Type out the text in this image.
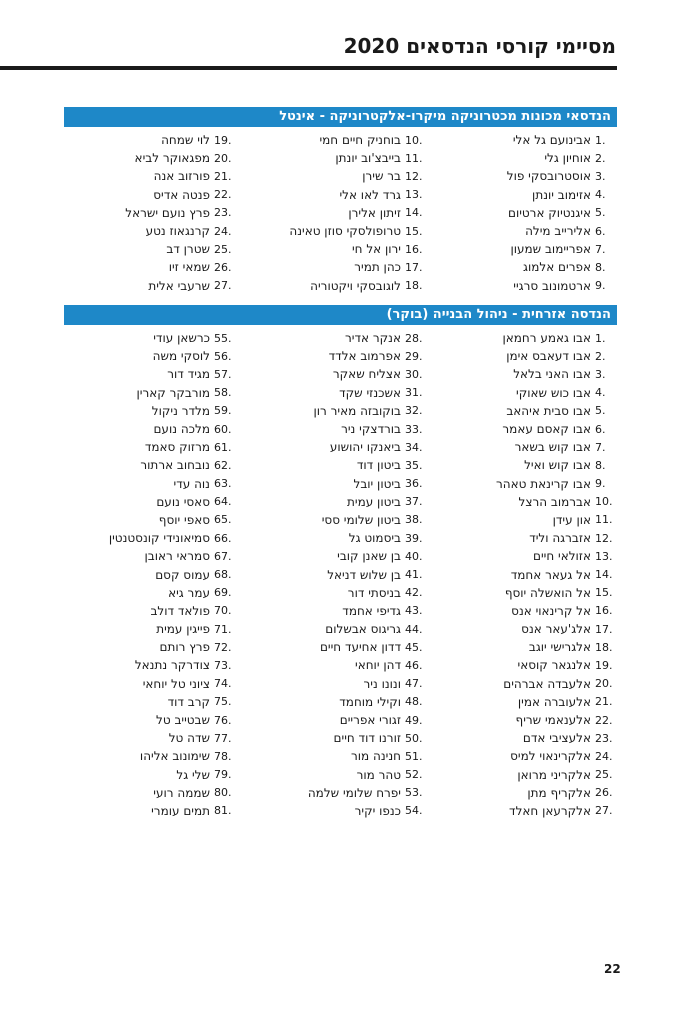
מסיימי קורסי הנדסאים 2020
הנדסאי מכונות מכטרוניקה מיקרו-אלקטרוניקה - אינטל
1.
אבינועם גל אלי
2.
אוחיון גלי
3.
אוסטרובסקי פול
4.
אזימוב יונתן
5.
איגנטיוק ארטיום
6.
אלירייב מילה
7.
אפריימוב שמעון
8.
אפרים אלמוג
9.
ארטמונוב סרגיי
10.
בוחניק חיים חמי
11.
בייבצ'וב יונתן
12.
בר שירן
13.
גרד לאו אלי
14.
זיתון אלירן
15.
טרופולסקי סוזן טאינה
16.
ירון אל חי
17.
כהן תמיר
18.
לוגובסקי ויקטוריה
19.
לוי שמחה
20.
מפגאוקר לביא
21.
פורזוב אנה
22.
פנטה אדיס
23.
פרץ נועם ישראל
24.
קרנגאוז נטע
25.
שטרן דב
26.
שמאי זיו
27.
שרעבי אלית
הנדסה אזרחית - ניהול הבנייה (בוקר)
1.
אבו גאמע רחמאן
2.
אבו דעאבס אימן
3.
אבו האני בלאל
4.
אבו כוש שאוקי
5.
אבו סבית איהאב
6.
אבו קאסם עאמר
7.
אבו קוש בשאר
8.
אבו קוש ואיל
9.
אבו קרינאת טאהר
10.
אברמוב הרצל
11.
און עידן
12.
אזברגה וליד
13.
אזולאי חיים
14.
אל געאר אחמד
15.
אל הואשלה יוסף
16.
אל קרינאוי אנס
17.
אלג'עאר אנס
18.
אלגרישי יוגב
19.
אלנגאר קוסאי
20.
אלעבדה אברהים
21.
אלעוברה אמין
22.
אלענאמי שריף
23.
אלעציבי אדם
24.
אלקרינאוי למיס
25.
אלקריני מרואן
26.
אלקריף מתן
27.
אלקרעאן חאלד
28.
אנקר אדיר
29.
אפרמוב אלדד
30.
אצליח שאקר
31.
אשכנזי שקד
32.
בוקובזה מאיר רון
33.
בורדצקי ניר
34.
ביאנקו יהושוע
35.
ביטון דוד
36.
ביטון יובל
37.
ביטון עמית
38.
ביטון שלומי ססי
39.
ביסמוט גל
40.
בן שאנן קובי
41.
בן שלוש דניאל
42.
בניסתי דור
43.
גדיפי אחמד
44.
גריגוס אבשלום
45.
דדון אחיעד חיים
46.
דהן יוחאי
47.
ונונו ניר
48.
וקילי מוחמד
49.
זגורי אפריים
50.
זורנו דוד חיים
51.
חנינה מור
52.
טהר מור
53.
יפרח שלומי שלמה
54.
כנפו יקיר
55.
כרשאן עודי
56.
לוסקי משה
57.
מגיד דור
58.
מורבקר קארין
59.
מלדר ניקול
60.
מלכה נועם
61.
מרזוק סאמד
62.
נובחוב ארתור
63.
נוה עדי
64.
סאסי נועם
65.
סאפי יוסף
66.
סמיאונידי קונסטנטין
67.
סמראי ראובן
68.
עמוס קסם
69.
עמר גיא
70.
פולאד דולב
71.
פייגין עמית
72.
פרץ רותם
73.
צודרקר נתנאל
74.
ציוני טל יוחאי
75.
קרב דוד
76.
שבטייב טל
77.
שדה טל
78.
שימונוב אליהו
79.
שלי גל
80.
שממה רועי
81.
תמים עומרי
22
